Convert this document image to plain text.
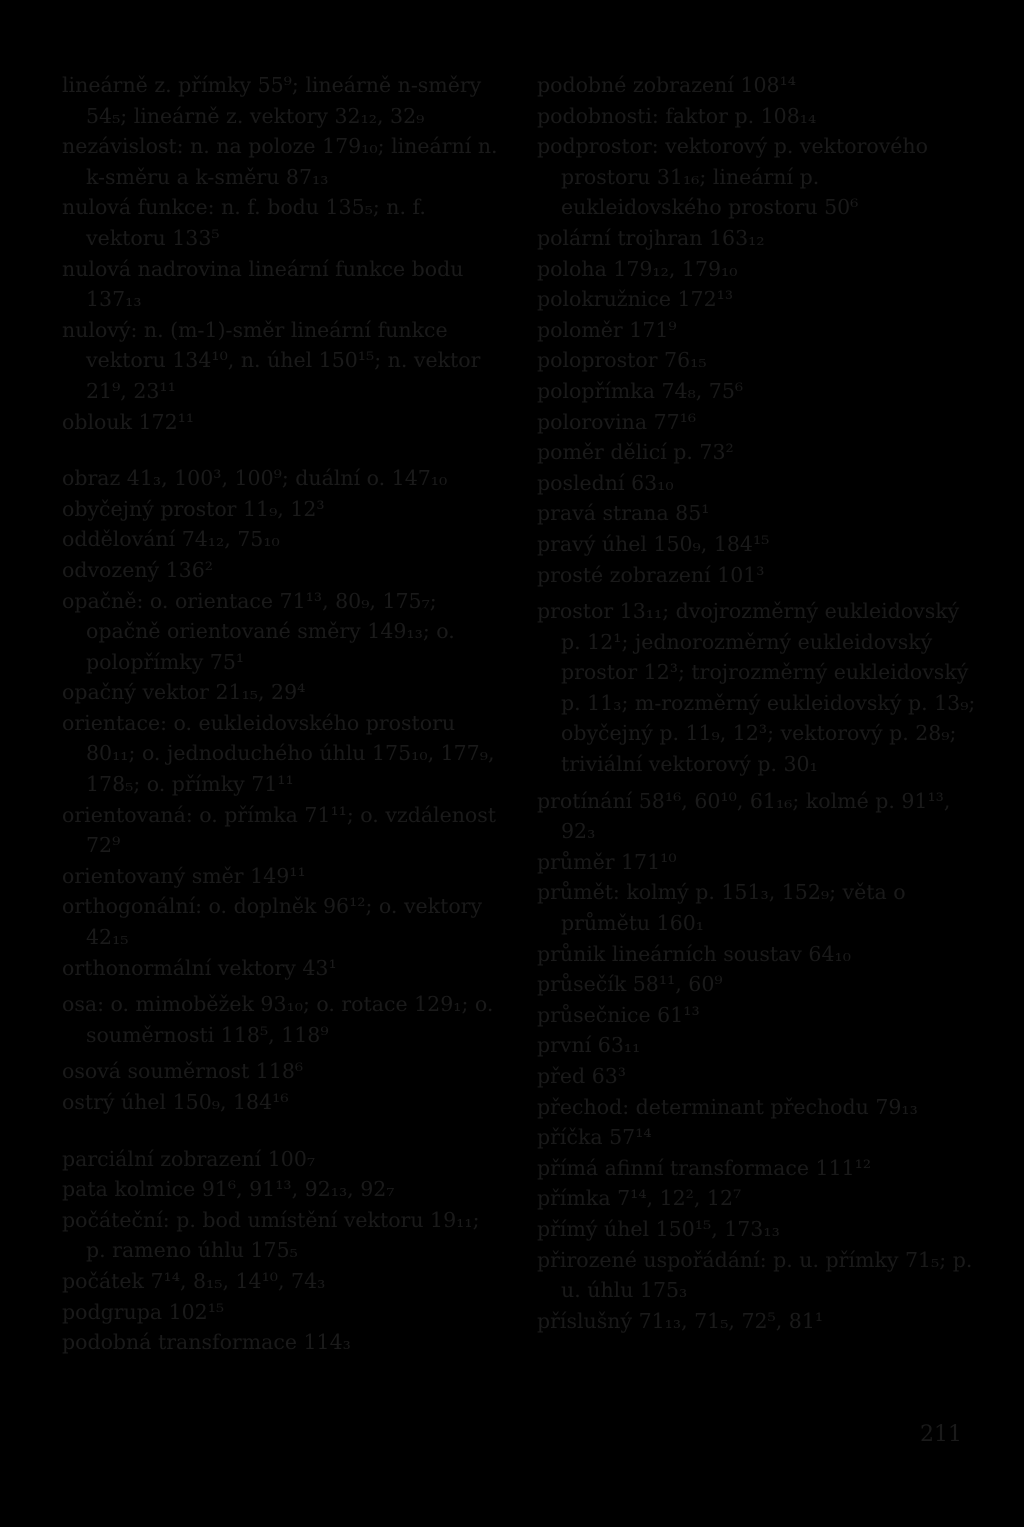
lineárně z. přímky 55⁹; lineárně n-směry 54₅; lineárně z. vektory 32₁₂, 32₉

nezávislost: n. na poloze 179₁₀; lineární n. k-směru a k-směru 87₁₃

nulová funkce: n. f. bodu 135₅; n. f. vektoru 133⁵

nulová nadrovina lineární funkce bodu 137₁₃

nulový: n. (m-1)-směr lineární funkce vektoru 134¹⁰, n. úhel 150¹⁵; n. vektor 21⁹, 23¹¹

oblouk 172¹¹

obraz 41₃, 100³, 100⁹; duální o. 147₁₀

obyčejný prostor 11₉, 12³

oddělování 74₁₂, 75₁₀

odvozený 136²

opačně: o. orientace 71¹³, 80₉, 175₇; opačně orientované směry 149₁₃; o. polopřímky 75¹

opačný vektor 21₁₅, 29⁴

orientace: o. eukleidovského prostoru 80₁₁; o. jednoduchého úhlu 175₁₀, 177₉, 178₅; o. přímky 71¹¹

orientovaná: o. přímka 71¹¹; o. vzdálenost 72⁹

orientovaný směr 149¹¹

orthogonální: o. doplněk 96¹²; o. vektory 42₁₅

orthonormální vektory 43¹

osa: o. mimoběžek 93₁₀; o. rotace 129₁; o. souměrnosti 118⁵, 118⁹

osová souměrnost 118⁶

ostrý úhel 150₉, 184¹⁶

parciální zobrazení 100₇

pata kolmice 91⁶, 91¹³, 92₁₃, 92₇

počáteční: p. bod umístění vektoru 19₁₁; p. rameno úhlu 175₅

počátek 7¹⁴, 8₁₅, 14¹⁰, 74₃

podgrupa 102¹⁵

podobná transformace 114₃

podobné zobrazení 108¹⁴

podobnosti: faktor p. 108₁₄

podprostor: vektorový p. vektorového prostoru 31₁₆; lineární p. eukleidovského prostoru 50⁶

polární trojhran 163₁₂

poloha 179₁₂, 179₁₀

polokružnice 172¹³

poloměr 171⁹

poloprostor 76₁₅

polopřímka 74₈, 75⁶

polorovina 77¹⁶

poměr dělicí p. 73²

poslední 63₁₀

pravá strana 85¹

pravý úhel 150₉, 184¹⁵

prosté zobrazení 101³

prostor 13₁₁; dvojrozměrný eukleidovský p. 12¹; jednorozměrný eukleidovský prostor 12³; trojrozměrný eukleidovský p. 11₃; m-rozměrný eukleidovský p. 13₉; obyčejný p. 11₉, 12³; vektorový p. 28₉; triviální vektorový p. 30₁

protínání 58¹⁶, 60¹⁰, 61₁₆; kolmé p. 91¹³, 92₃

průměr 171¹⁰

průmět: kolmý p. 151₃, 152₉; věta o průmětu 160₁

průnik lineárních soustav 64₁₀

průsečík 58¹¹, 60⁹

průsečnice 61¹³

první 63₁₁

před 63³

přechod: determinant přechodu 79₁₃

příčka 57¹⁴

přímá afinní transformace 111¹²

přímka 7¹⁴, 12², 12⁷

přímý úhel 150¹⁵, 173₁₃

přirozené uspořádání: p. u. přímky 71₅; p. u. úhlu 175₃

příslušný 71₁₃, 71₅, 72⁵, 81¹

211
